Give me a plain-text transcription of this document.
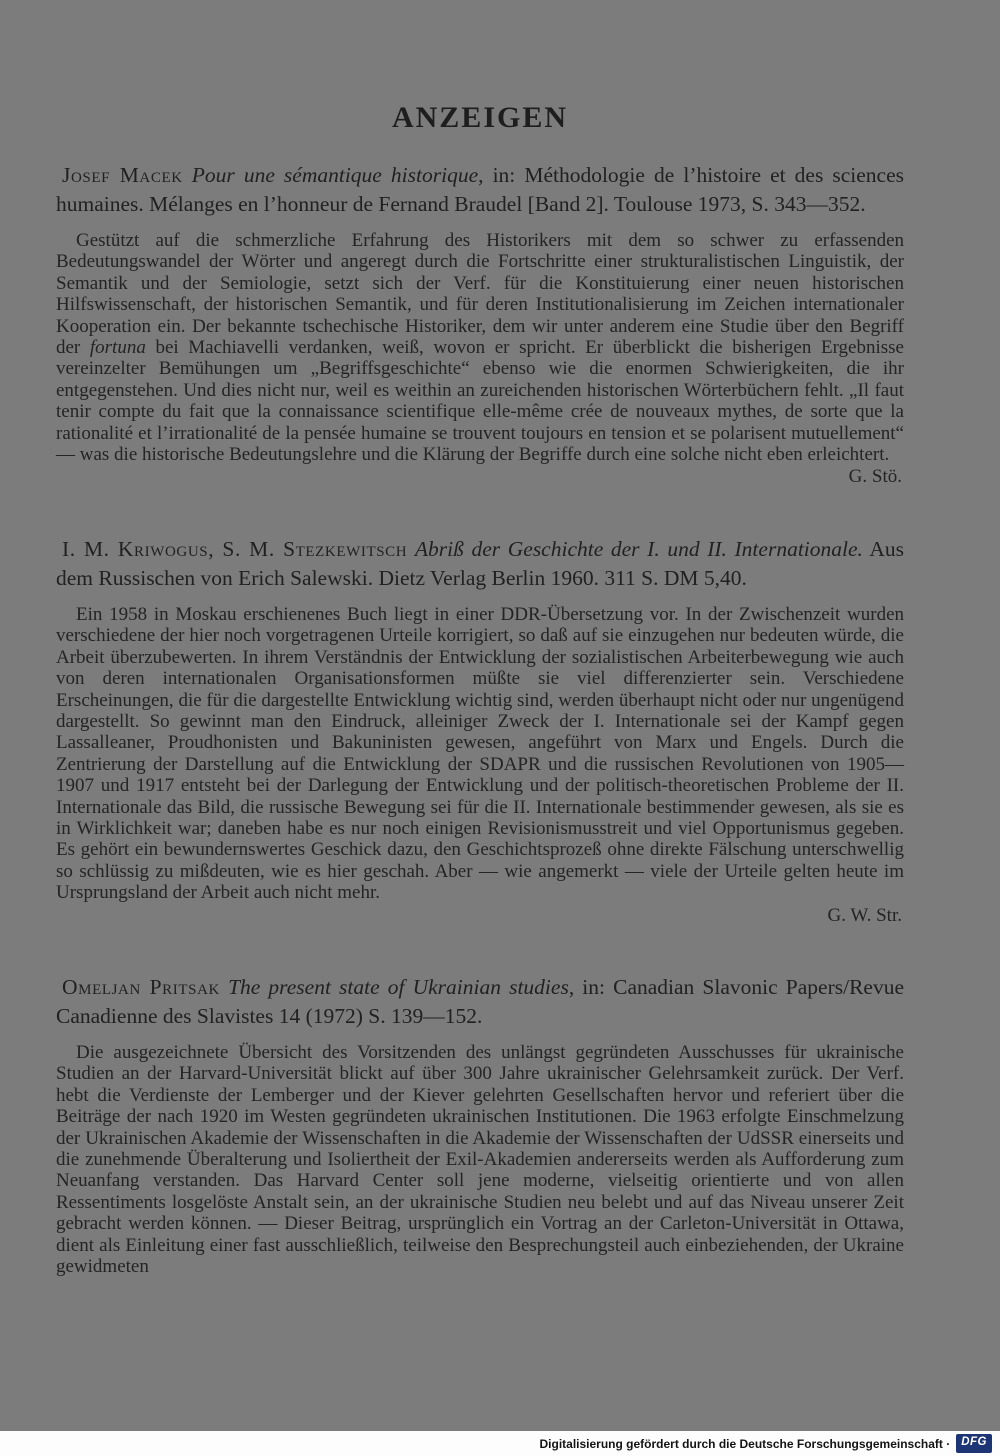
ANZEIGEN

Josef Macek Pour une sémantique historique, in: Méthodologie de l’histoire et des sciences humaines. Mélanges en l’honneur de Fernand Braudel [Band 2]. Toulouse 1973, S. 343—352.

Gestützt auf die schmerzliche Erfahrung des Historikers mit dem so schwer zu erfassenden Bedeutungswandel der Wörter und angeregt durch die Fortschritte einer strukturalistischen Linguistik, der Semantik und der Semiologie, setzt sich der Verf. für die Konstituierung einer neuen historischen Hilfswissenschaft, der historischen Semantik, und für deren Institutionalisierung im Zeichen internationaler Kooperation ein. Der bekannte tschechische Historiker, dem wir unter anderem eine Studie über den Begriff der fortuna bei Machiavelli verdanken, weiß, wovon er spricht. Er überblickt die bisherigen Ergebnisse vereinzelter Bemühungen um „Begriffsgeschichte“ ebenso wie die enormen Schwierigkeiten, die ihr entgegenstehen. Und dies nicht nur, weil es weithin an zureichenden historischen Wörterbüchern fehlt. „Il faut tenir compte du fait que la connaissance scientifique elle-même crée de nouveaux mythes, de sorte que la rationalité et l’irrationalité de la pensée humaine se trouvent toujours en tension et se polarisent mutuellement“ — was die historische Bedeutungslehre und die Klärung der Begriffe durch eine solche nicht eben erleichtert.

G. Stö.

I. M. Kriwogus, S. M. Stezkewitsch Abriß der Geschichte der I. und II. Internationale. Aus dem Russischen von Erich Salewski. Dietz Verlag Berlin 1960. 311 S. DM 5,40.

Ein 1958 in Moskau erschienenes Buch liegt in einer DDR-Übersetzung vor. In der Zwischenzeit wurden verschiedene der hier noch vorgetragenen Urteile korrigiert, so daß auf sie einzugehen nur bedeuten würde, die Arbeit überzubewerten. In ihrem Verständnis der Entwicklung der sozialistischen Arbeiterbewegung wie auch von deren internationalen Organisationsformen müßte sie viel differenzierter sein. Verschiedene Erscheinungen, die für die dargestellte Entwicklung wichtig sind, werden überhaupt nicht oder nur ungenügend dargestellt. So gewinnt man den Eindruck, alleiniger Zweck der I. Internationale sei der Kampf gegen Lassalleaner, Proudhonisten und Bakuninisten gewesen, angeführt von Marx und Engels. Durch die Zentrierung der Darstellung auf die Entwicklung der SDAPR und die russischen Revolutionen von 1905—1907 und 1917 entsteht bei der Darlegung der Entwicklung und der politisch-theoretischen Probleme der II. Internationale das Bild, die russische Bewegung sei für die II. Internationale bestimmender gewesen, als sie es in Wirklichkeit war; daneben habe es nur noch einigen Revisionismusstreit und viel Opportunismus gegeben. Es gehört ein bewundernswertes Geschick dazu, den Geschichtsprozeß ohne direkte Fälschung unterschwellig so schlüssig zu mißdeuten, wie es hier geschah. Aber — wie angemerkt — viele der Urteile gelten heute im Ursprungsland der Arbeit auch nicht mehr.

G. W. Str.

Omeljan Pritsak The present state of Ukrainian studies, in: Canadian Slavonic Papers/Revue Canadienne des Slavistes 14 (1972) S. 139—152.

Die ausgezeichnete Übersicht des Vorsitzenden des unlängst gegründeten Ausschusses für ukrainische Studien an der Harvard-Universität blickt auf über 300 Jahre ukrainischer Gelehrsamkeit zurück. Der Verf. hebt die Verdienste der Lemberger und der Kiever gelehrten Gesellschaften hervor und referiert über die Beiträge der nach 1920 im Westen gegründeten ukrainischen Institutionen. Die 1963 erfolgte Einschmelzung der Ukrainischen Akademie der Wissenschaften in die Akademie der Wissenschaften der UdSSR einerseits und die zunehmende Überalterung und Isoliertheit der Exil-Akademien andererseits werden als Aufforderung zum Neuanfang verstanden. Das Harvard Center soll jene moderne, vielseitig orientierte und von allen Ressentiments losgelöste Anstalt sein, an der ukrainische Studien neu belebt und auf das Niveau unserer Zeit gebracht werden können. — Dieser Beitrag, ursprünglich ein Vortrag an der Carleton-Universität in Ottawa, dient als Einleitung einer fast ausschließlich, teilweise den Besprechungsteil auch einbeziehenden, der Ukraine gewidmeten

Digitalisierung gefördert durch die Deutsche Forschungsgemeinschaft · DFG
